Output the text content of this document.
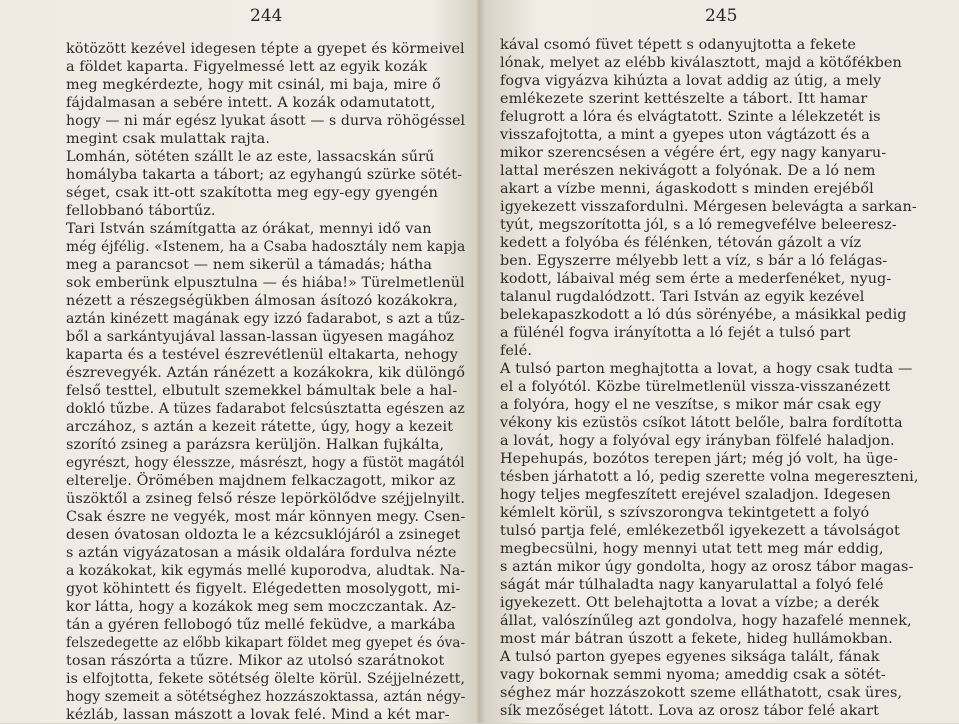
244
kötözött kezével idegesen tépte a gyepet és körmeivel
a földet kaparta. Figyelmessé lett az egyik kozák
meg megkérdezte, hogy mit csinál, mi baja, mire ő
fájdalmasan a sebére intett. A kozák odamutatott,
hogy — ni már egész lyukat ásott — s durva röhögéssel
megint csak mulattak rajta.
Lomhán, sötéten szállt le az este, lassacskán sűrű
homályba takarta a tábort; az egyhangú szürke sötét-
séget, csak itt-ott szakította meg egy-egy gyengén
fellobbanó tábortűz.
Tari István számítgatta az órákat, mennyi idő van
még éjfélig. «Istenem, ha a Csaba hadosztály nem kapja
meg a parancsot — nem sikerül a támadás; hátha
sok emberünk elpusztulna — és hiába!» Türelmetlenül
nézett a részegségükben álmosan ásítozó kozákokra,
aztán kinézett magának egy izzó fadarabot, s azt a tűz-
ből a sarkántyujával lassan-lassan ügyesen magához
kaparta és a testével észrevétlenül eltakarta, nehogy
észrevegyék. Aztán ránézett a kozákokra, kik dülöngő
felső testtel, elbutult szemekkel bámultak bele a hal-
dokló tűzbe. A tüzes fadarabot felcsúsztatta egészen az
arczához, s aztán a kezeit rátette, úgy, hogy a kezeit
szorító zsineg a parázsra kerüljön. Halkan fujkálta,
egyrészt, hogy élesszze, másrészt, hogy a füstöt magától
elterelje. Örömében majdnem felkaczagott, mikor az
üszöktől a zsineg felső része lepörkölődve széjjelnyilt.
Csak észre ne vegyék, most már könnyen megy. Csen-
desen óvatosan oldozta le a kézcsuklójáról a zsineget
s aztán vigyázatosan a másik oldalára fordulva nézte
a kozákokat, kik egymás mellé kuporodva, aludtak. Na-
gyot köhintett és figyelt. Elégedetten mosolygott, mi-
kor látta, hogy a kozákok meg sem moczczantak. Az-
tán a gyéren fellobogó tűz mellé feküdve, a markába
felszedegette az előbb kikapart földet meg gyepet és óva-
tosan rászórta a tűzre. Mikor az utolsó szarátnokot
is elfojtotta, fekete sötétség ölelte körül. Széjjelnézett,
hogy szemeit a sötétséghez hozzászoktassa, aztán négy-
kézláb, lassan mászott a lovak felé. Mind a két mar-
245
kával csomó füvet tépett s odanyujtotta a fekete
lónak, melyet az elébb kiválasztott, majd a kötőfékben
fogva vigyázva kihúzta a lovat addig az útig, a mely
emlékezete szerint kettészelte a tábort. Itt hamar
felugrott a lóra és elvágtatott. Szinte a lélekzetét is
visszafojtotta, a mint a gyepes uton vágtázott és a
mikor szerencsésen a végére ért, egy nagy kanyaru-
lattal merészen nekivágott a folyónak. De a ló nem
akart a vízbe menni, ágaskodott s minden erejéből
igyekezett visszafordulni. Mérgesen belevágta a sarkan-
tyút, megszorította jól, s a ló remegvefélve beleeresz-
kedett a folyóba és félénken, tétován gázolt a víz
ben. Egyszerre mélyebb lett a víz, s bár a ló felágas-
kodott, lábaival még sem érte a mederfenéket, nyug-
talanul rugdalódzott. Tari István az egyik kezével
belekapaszkodott a ló dús sörényébe, a másikkal pedig
a fülénél fogva irányította a ló fejét a tulsó part
felé.
A tulsó parton meghajtotta a lovat, a hogy csak tudta —
el a folyótól. Közbe türelmetlenül vissza-visszanézett
a folyóra, hogy el ne veszítse, s mikor már csak egy
vékony kis ezüstös csíkot látott belőle, balra fordította
a lovát, hogy a folyóval egy irányban fölfelé haladjon.
Hepehupás, bozótos terepen járt; még jó volt, ha üge-
tésben járhatott a ló, pedig szerette volna megereszteni,
hogy teljes megfeszített erejével szaladjon. Idegesen
kémlelt körül, s szívszorongva tekintgetett a folyó
tulsó partja felé, emlékezetből igyekezett a távolságot
megbecsülni, hogy mennyi utat tett meg már eddig,
s aztán mikor úgy gondolta, hogy az orosz tábor magas-
ságát már túlhaladta nagy kanyarulattal a folyó felé
igyekezett. Ott belehajtotta a lovat a vízbe; a derék
állat, valószínűleg azt gondolva, hogy hazafelé mennek,
most már bátran úszott a fekete, hideg hullámokban.
A tulsó parton gyepes egyenes siksága talált, fának
vagy bokornak semmi nyoma; ameddig csak a sötét-
séghez már hozzászokott szeme elláthatott, csak üres,
sík mezőséget látott. Lova az orosz tábor felé akart
